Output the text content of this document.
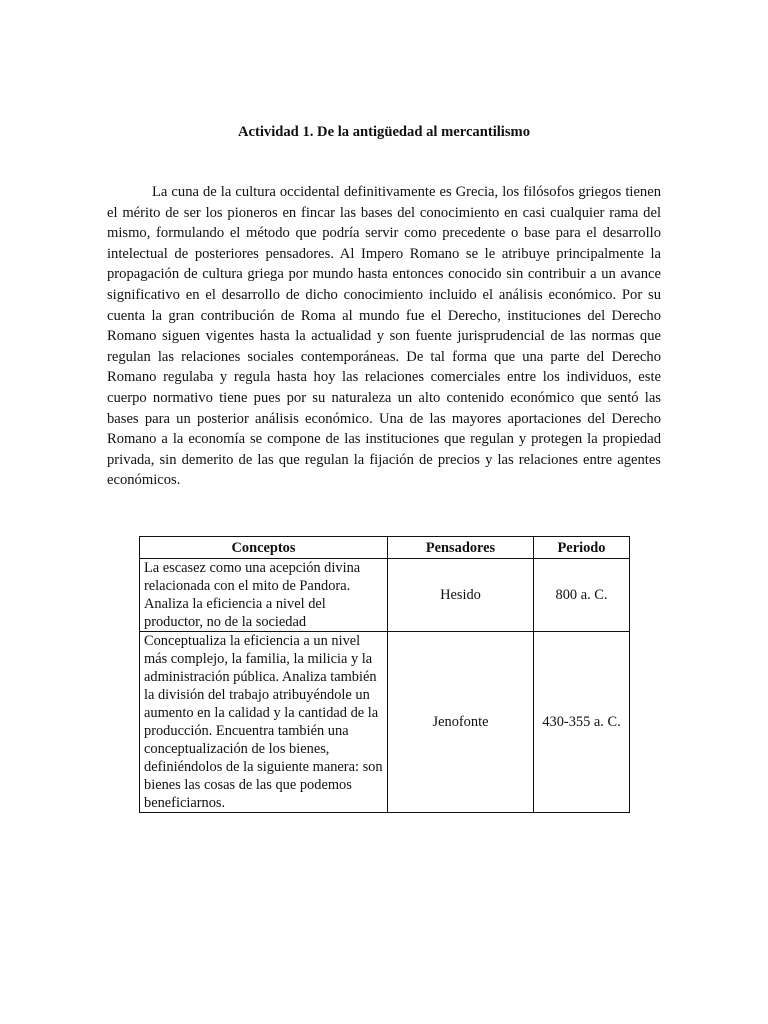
Actividad 1. De la antigüedad al mercantilismo

La cuna de la cultura occidental definitivamente es Grecia, los filósofos griegos tienen el mérito de ser los pioneros en fincar las bases del conocimiento en casi cualquier rama del mismo, formulando el método que podría servir como precedente o base para el desarrollo intelectual de posteriores pensadores. Al Impero Romano se le atribuye principalmente la propagación de cultura griega por mundo hasta entonces conocido sin contribuir a un avance significativo en el desarrollo de dicho conocimiento incluido el análisis económico. Por su cuenta la gran contribución de Roma al mundo fue el Derecho, instituciones del Derecho Romano siguen vigentes hasta la actualidad y son fuente jurisprudencial de las normas que regulan las relaciones sociales contemporáneas. De tal forma que una parte del Derecho Romano regulaba y regula hasta hoy las relaciones comerciales entre los individuos, este cuerpo normativo tiene pues por su naturaleza un alto contenido económico que sentó las bases para un posterior análisis económico. Una de las mayores aportaciones del Derecho Romano a la economía se compone de las instituciones que regulan y protegen la propiedad privada, sin demerito de las que regulan la fijación de precios y las relaciones entre agentes económicos.

Conceptos	Pensadores	Periodo
La escasez como una acepción divina relacionada con el mito de Pandora. Analiza la eficiencia a nivel del productor, no de la sociedad	Hesido	800 a. C.
Conceptualiza la eficiencia a un nivel más complejo, la familia, la milicia y la administración pública. Analiza también la división del trabajo atribuyéndole un aumento en la calidad y la cantidad de la producción. Encuentra también una conceptualización de los bienes, definiéndolos de la siguiente manera: son bienes las cosas de las que podemos beneficiarnos.	Jenofonte	430-355 a. C.
